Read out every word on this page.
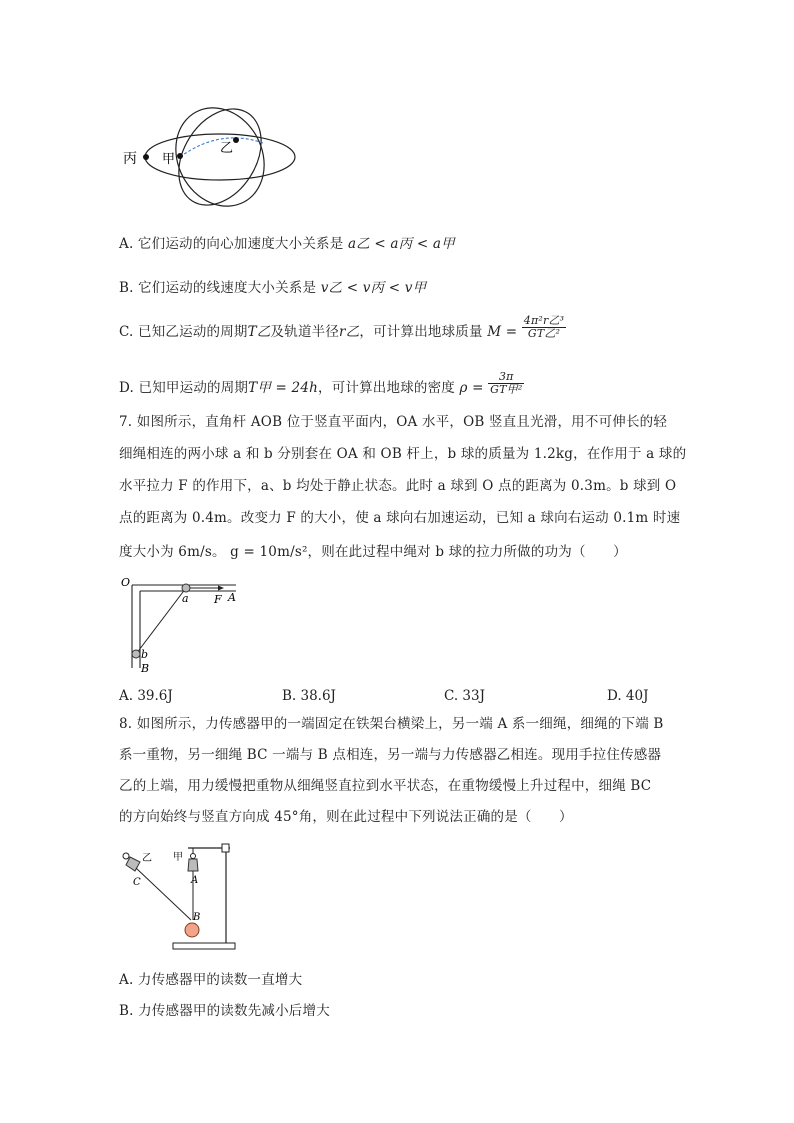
丙 甲
乙
A. 它们运动的向心加速度大小关系是 a乙 < a丙 < a甲
B. 它们运动的线速度大小关系是 v乙 < v丙 < v甲
C. 已知乙运动的周期T乙及轨道半径r乙，可计算出地球质量 $M = \frac{\text{4π²r乙³}}{\text{GT乙²}}$
D. 已知甲运动的周期T甲 = 24h，可计算出地球的密度 $\rho = \frac{3\pi}{\text{GT甲²}}$
7. 如图所示，直角杆 AOB 位于竖直平面内，OA 水平，OB 竖直且光滑，用不可伸长的轻
细绳相连的两小球 a 和 b 分别套在 OA 和 OB 杆上，b 球的质量为 1.2kg，在作用于 a 球的
水平拉力 F 的作用下，a、b 均处于静止状态。此时 a 球到 O 点的距离为 0.3m。b 球到 O
点的距离为 0.4m。改变力 F 的大小，使 a 球向右加速运动，已知 a 球向右运动 0.1m 时速
度大小为 6m/s。 g = 10m/s²，则在此过程中绳对 b 球的拉力所做的功为（　　）
O
a F A
b
B
A. 39.6J	B. 38.6J	C. 33J	D. 40J
8. 如图所示，力传感器甲的一端固定在铁架台横梁上，另一端 A 系一细绳，细绳的下端 B
系一重物，另一细绳 BC 一端与 B 点相连，另一端与力传感器乙相连。现用手拉住传感器
乙的上端，用力缓慢把重物从细绳竖直拉到水平状态，在重物缓慢上升过程中，细绳 BC
的方向始终与竖直方向成 45°角，则在此过程中下列说法正确的是（　　）
乙 甲
C	A
B
A. 力传感器甲的读数一直增大
B. 力传感器甲的读数先减小后增大
